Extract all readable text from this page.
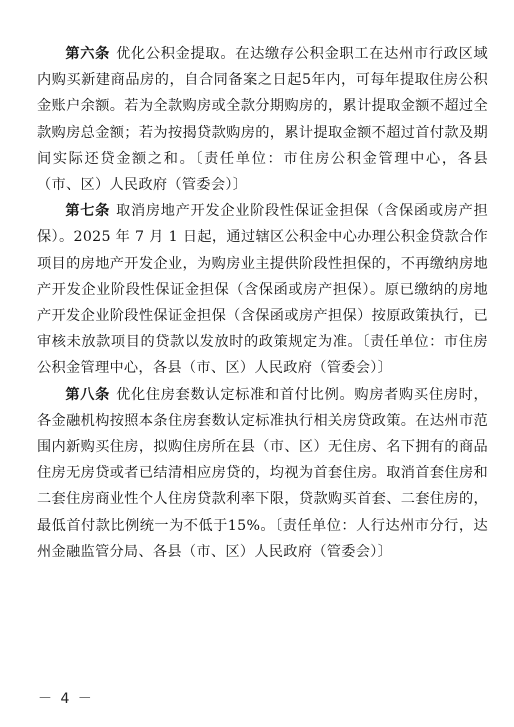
第六条 优化公积金提取。在达缴存公积金职工在达州市行政区域内购买新建商品房的，自合同备案之日起5年内，可每年提取住房公积金账户余额。若为全款购房或全款分期购房的，累计提取金额不超过全款购房总金额；若为按揭贷款购房的，累计提取金额不超过首付款及期间实际还贷金额之和。〔责任单位：市住房公积金管理中心，各县（市、区）人民政府（管委会）〕

第七条 取消房地产开发企业阶段性保证金担保（含保函或房产担保）。2025 年 7 月 1 日起，通过辖区公积金中心办理公积金贷款合作项目的房地产开发企业，为购房业主提供阶段性担保的，不再缴纳房地产开发企业阶段性保证金担保（含保函或房产担保）。原已缴纳的房地产开发企业阶段性保证金担保（含保函或房产担保）按原政策执行，已审核未放款项目的贷款以发放时的政策规定为准。〔责任单位：市住房公积金管理中心，各县（市、区）人民政府（管委会）〕

第八条 优化住房套数认定标准和首付比例。购房者购买住房时，各金融机构按照本条住房套数认定标准执行相关房贷政策。在达州市范围内新购买住房，拟购住房所在县（市、区）无住房、名下拥有的商品住房无房贷或者已结清相应房贷的，均视为首套住房。取消首套住房和二套住房商业性个人住房贷款利率下限，贷款购买首套、二套住房的，最低首付款比例统一为不低于15%。〔责任单位：人行达州市分行，达州金融监管分局、各县（市、区）人民政府（管委会）〕

－ 4 －
